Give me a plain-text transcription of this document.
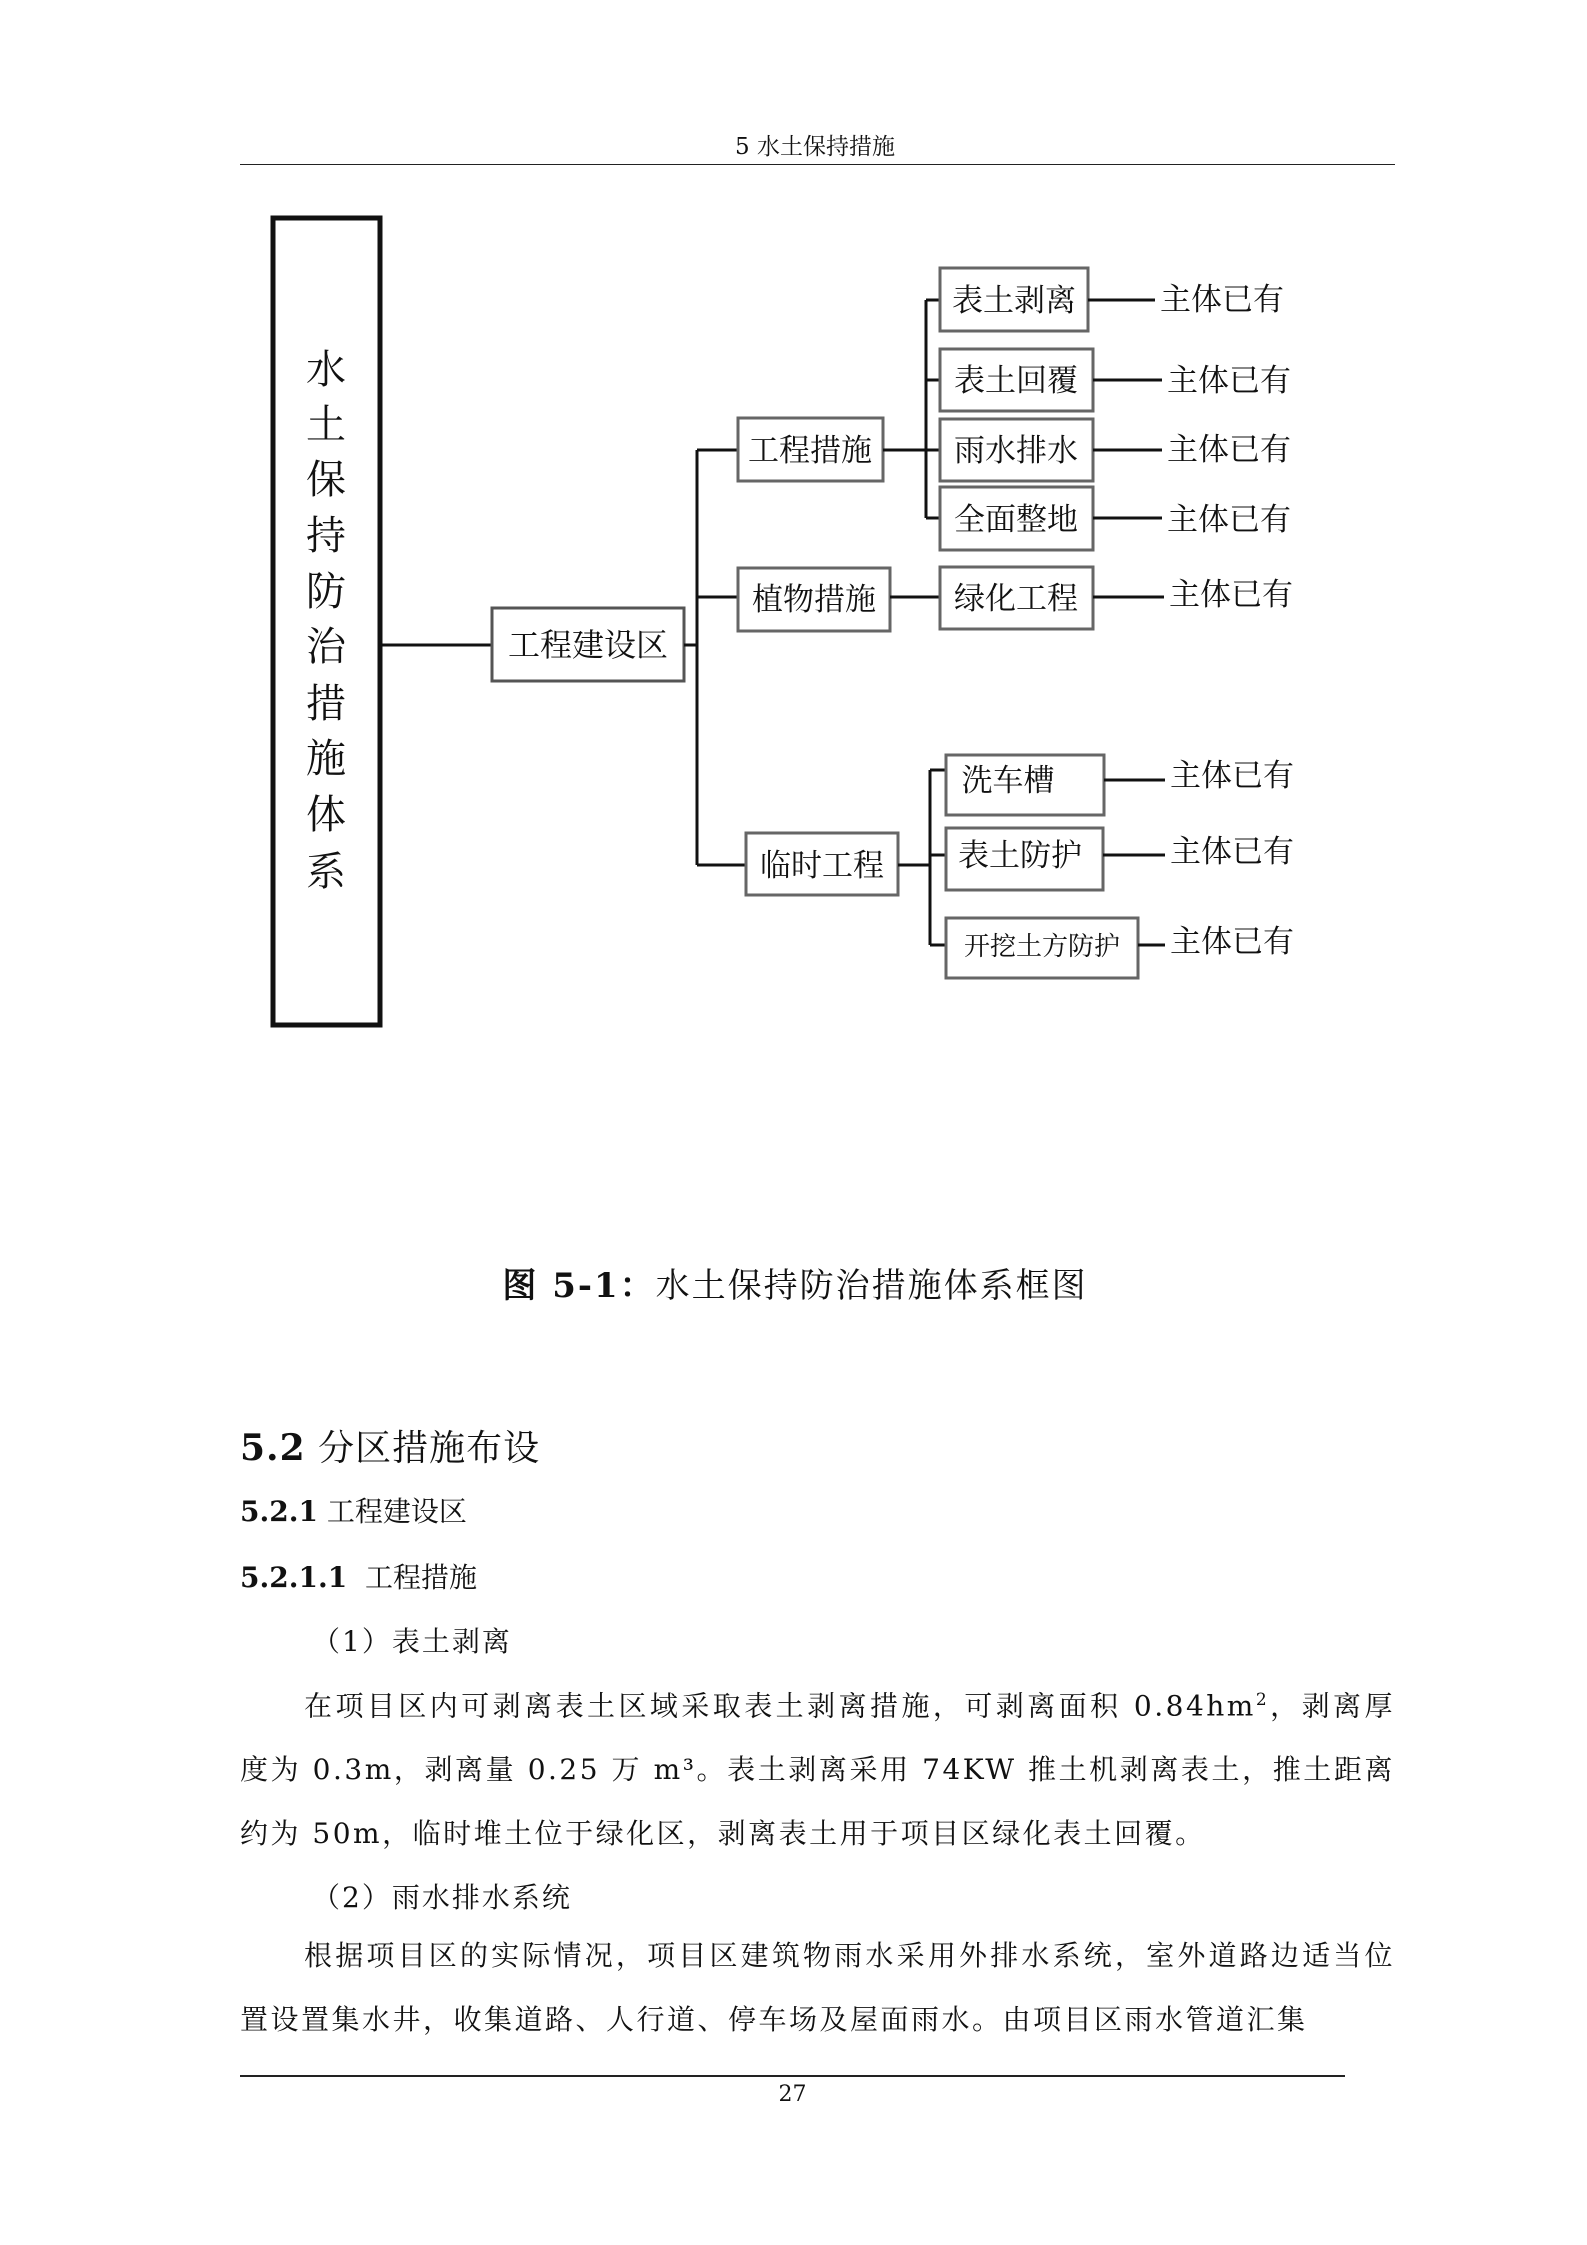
5 水土保持措施
水
土
保
持
防
治
措
施
体
系
工程建设区
工程措施
植物措施
临时工程
表土剥离
表土回覆
雨水排水
全面整地
绿化工程
洗车槽
表土防护
开挖土方防护
主体已有
主体已有
主体已有
主体已有
主体已有
主体已有
主体已有
主体已有
图 5-1：水土保持防治措施体系框图
5.2 分区措施布设
5.2.1 工程建设区
5.2.1.1 工程措施
（1）表土剥离
在项目区内可剥离表土区域采取表土剥离措施，可剥离面积 $0.84hm^2$，剥离厚度为 0.3m，剥离量 0.25 万 m³。表土剥离采用 74KW 推土机剥离表土，推土距离约为 50m，临时堆土位于绿化区，剥离表土用于项目区绿化表土回覆。
（2）雨水排水系统
根据项目区的实际情况，项目区建筑物雨水采用外排水系统，室外道路边适当位置设置集水井，收集道路、人行道、停车场及屋面雨水。由项目区雨水管道汇集
27
